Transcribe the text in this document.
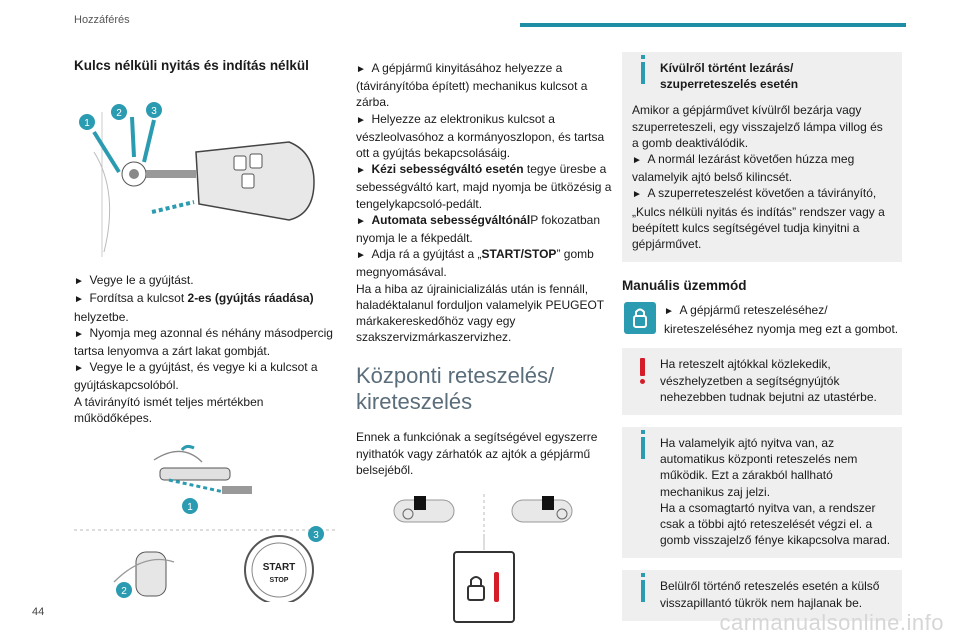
Hozzáférés
Kulcs nélküli nyitás és indítás nélkül
1
2	3

►  Vegye le a gyújtást.

►  Fordítsa a kulcsot 2-es (gyújtás ráadása) helyzetbe.

►  Nyomja meg azonnal és néhány másodpercig tartsa lenyomva a zárt lakat gombját.

►  Vegye le a gyújtást, és vegye ki a kulcsot a gyújtáskapcsolóból.

A távirányító ismét teljes mértékben működőképes.

1
2
START
STOP
3

►  A gépjármű kinyitásához helyezze a (távirányítóba épített) mechanikus kulcsot a zárba.

►  Helyezze az elektronikus kulcsot a vészleolvasóhoz a kormányoszlopon, és tartsa ott a gyújtás bekapcsolásáig.

►  Kézi sebességváltó esetén tegye üresbe a sebességváltó kart, majd nyomja be ütközésig a tengelykapcsoló-pedált.

►  Automata sebességváltónálP fokozatban nyomja le a fékpedált.

►  Adja rá a gyújtást a „START/STOP” gomb megnyomásával.

Ha a hiba az újrainicializálás után is fennáll, haladéktalanul forduljon valamelyik PEUGEOT márkakereskedőhöz vagy egy szakszervizmárkaszervizhez.

Központi reteszelés/ kireteszelés

Ennek a funkciónak a segítségével egyszerre nyithatók vagy zárhatók az ajtók a gépjármű belsejéből.

Kívülről történt lezárás/ szuperreteszelés esetén

Amikor a gépjárművet kívülről bezárja vagy szuperreteszeli, egy visszajelző lámpa villog és a gomb deaktiválódik.

►  A normál lezárást követően húzza meg valamelyik ajtó belső kilincsét.

►  A szuperreteszelést követően a távirányító, „Kulcs nélküli nyitás és indítás” rendszer vagy a beépített kulcs segítségével tudja kinyitni a gépjárművet.

Manuális üzemmód

►  A gépjármű reteszeléséhez/ kireteszeléséhez nyomja meg ezt a gombot.

Ha reteszelt ajtókkal közlekedik, vészhelyzetben a segítségnyújtók nehezebben tudnak bejutni az utastérbe.

Ha valamelyik ajtó nyitva van, az automatikus központi reteszelés nem működik. Ezt a zárakból hallható mechanikus zaj jelzi.

Ha a csomagtartó nyitva van, a rendszer csak a többi ajtó reteszelését végzi el. a gomb visszajelző fénye kikapcsolva marad.

Belülről történő reteszelés esetén a külső visszapillantó tükrök nem hajlanak be.

44	carmanualsonline.info
